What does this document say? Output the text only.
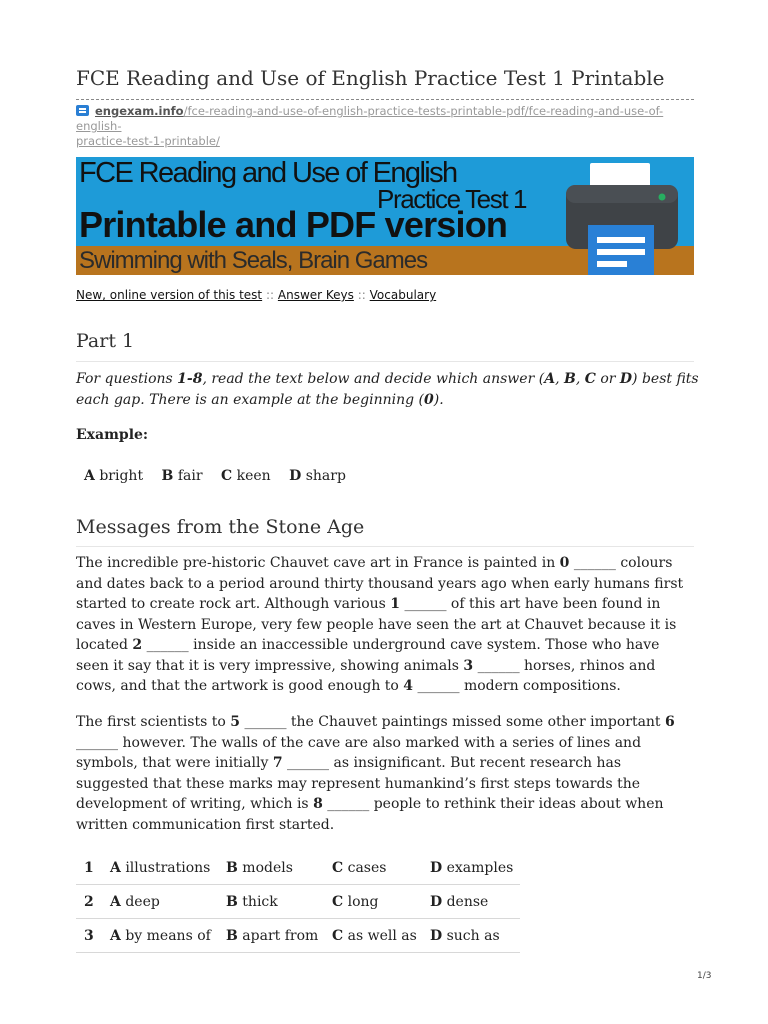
FCE Reading and Use of English Practice Test 1 Printable
engexam.info/fce-reading-and-use-of-english-practice-tests-printable-pdf/fce-reading-and-use-of-english-
practice-test-1-printable/
FCE Reading and Use of English
Practice Test 1
Printable and PDF version
Swimming with Seals, Brain Games
New, online version of this test :: Answer Keys :: Vocabulary
Part 1
For questions 1-8, read the text below and decide which answer (A, B, C or D) best fits each gap. There is an example at the beginning (0).
Example:
A bright B fair C keen D sharp
Messages from the Stone Age
The incredible pre-historic Chauvet cave art in France is painted in 0 ______ colours and dates back to a period around thirty thousand years ago when early humans first started to create rock art. Although various 1 ______ of this art have been found in caves in Western Europe, very few people have seen the art at Chauvet because it is located 2 ______ inside an inaccessible underground cave system. Those who have seen it say that it is very impressive, showing animals 3 ______ horses, rhinos and cows, and that the artwork is good enough to 4 ______ modern compositions.
The first scientists to 5 ______ the Chauvet paintings missed some other important 6 ______ however. The walls of the cave are also marked with a series of lines and symbols, that were initially 7 ______ as insignificant. But recent research has suggested that these marks may represent humankind’s first steps towards the development of writing, which is 8 ______ people to rethink their ideas about when written communication first started.
1	A illustrations	B models	C cases	D examples
2	A deep	B thick	C long	D dense
3	A by means of	B apart from	C as well as	D such as
1/3
